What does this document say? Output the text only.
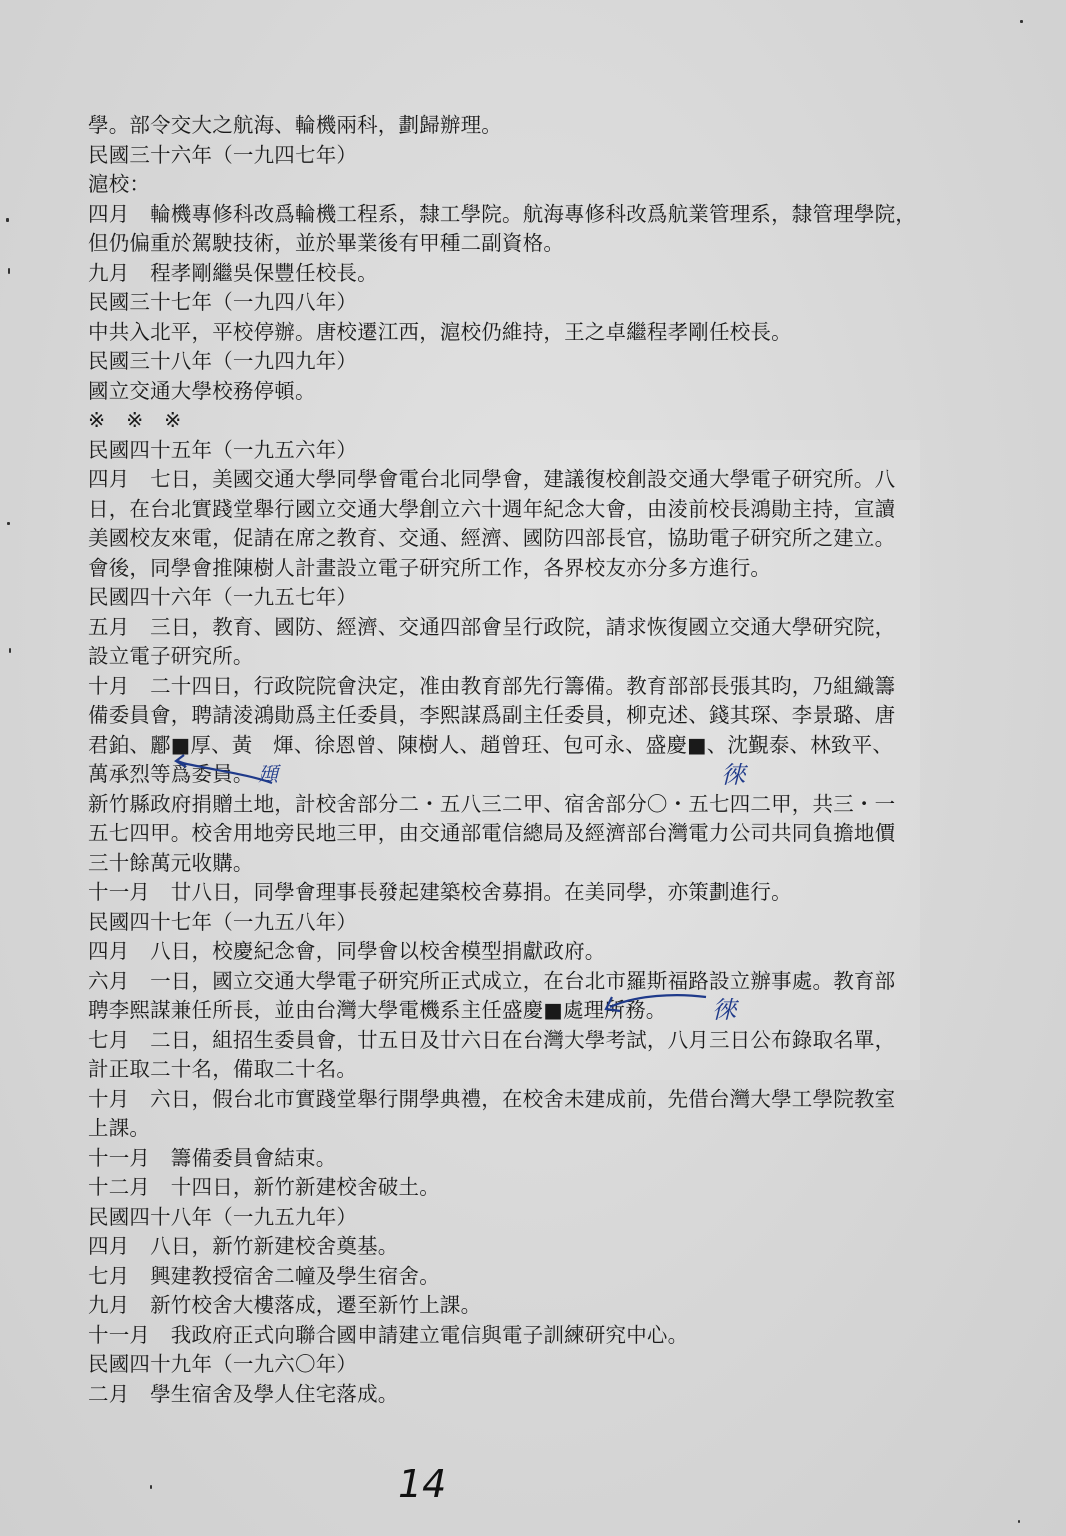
學。部令交大之航海、輪機兩科，劃歸辦理。
民國三十六年（一九四七年）
滬校：
四月　輪機專修科改爲輪機工程系，隸工學院。航海專修科改爲航業管理系，隸管理學院，
但仍偏重於駕駛技術，並於畢業後有甲種二副資格。
九月　程孝剛繼吳保豐任校長。
民國三十七年（一九四八年）
中共入北平，平校停辦。唐校遷江西，滬校仍維持，王之卓繼程孝剛任校長。
民國三十八年（一九四九年）
國立交通大學校務停頓。
※　※　※
民國四十五年（一九五六年）
四月　七日，美國交通大學同學會電台北同學會，建議復校創設交通大學電子研究所。八
日，在台北實踐堂舉行國立交通大學創立六十週年紀念大會，由淩前校長鴻勛主持，宣讀
美國校友來電，促請在席之教育、交通、經濟、國防四部長官，協助電子研究所之建立。
會後，同學會推陳樹人計畫設立電子研究所工作，各界校友亦分多方進行。
民國四十六年（一九五七年）
五月　三日，教育、國防、經濟、交通四部會呈行政院，請求恢復國立交通大學研究院，
設立電子研究所。
十月　二十四日，行政院院會決定，准由教育部先行籌備。教育部部長張其昀，乃組織籌
備委員會，聘請淩鴻勛爲主任委員，李熙謀爲副主任委員，柳克述、錢其琛、李景璐、唐
君鉑、酈■厚、黃　煇、徐恩曾、陳樹人、趙曾玨、包可永、盛慶■、沈覲泰、林致平、
萬承烈等爲委員。
新竹縣政府捐贈土地，計校舍部分二・五八三二甲、宿舍部分〇・五七四二甲，共三・一
五七四甲。校舍用地旁民地三甲，由交通部電信總局及經濟部台灣電力公司共同負擔地價
三十餘萬元收購。
十一月　廿八日，同學會理事長發起建築校舍募捐。在美同學，亦策劃進行。
民國四十七年（一九五八年）
四月　八日，校慶紀念會，同學會以校舍模型捐獻政府。
六月　一日，國立交通大學電子研究所正式成立，在台北市羅斯福路設立辦事處。教育部
聘李熙謀兼任所長，並由台灣大學電機系主任盛慶■處理所務。
七月　二日，組招生委員會，廿五日及廿六日在台灣大學考試，八月三日公布錄取名單，
計正取二十名，備取二十名。
十月　六日，假台北市實踐堂舉行開學典禮，在校舍未建成前，先借台灣大學工學院教室
上課。
十一月　籌備委員會結束。
十二月　十四日，新竹新建校舍破土。
民國四十八年（一九五九年）
四月　八日，新竹新建校舍奠基。
七月　興建教授宿舍二幢及學生宿舍。
九月　新竹校舍大樓落成，遷至新竹上課。
十一月　我政府正式向聯合國申請建立電信與電子訓練研究中心。
民國四十九年（一九六〇年）
二月　學生宿舍及學人住宅落成。
頲	徠
徠
14
